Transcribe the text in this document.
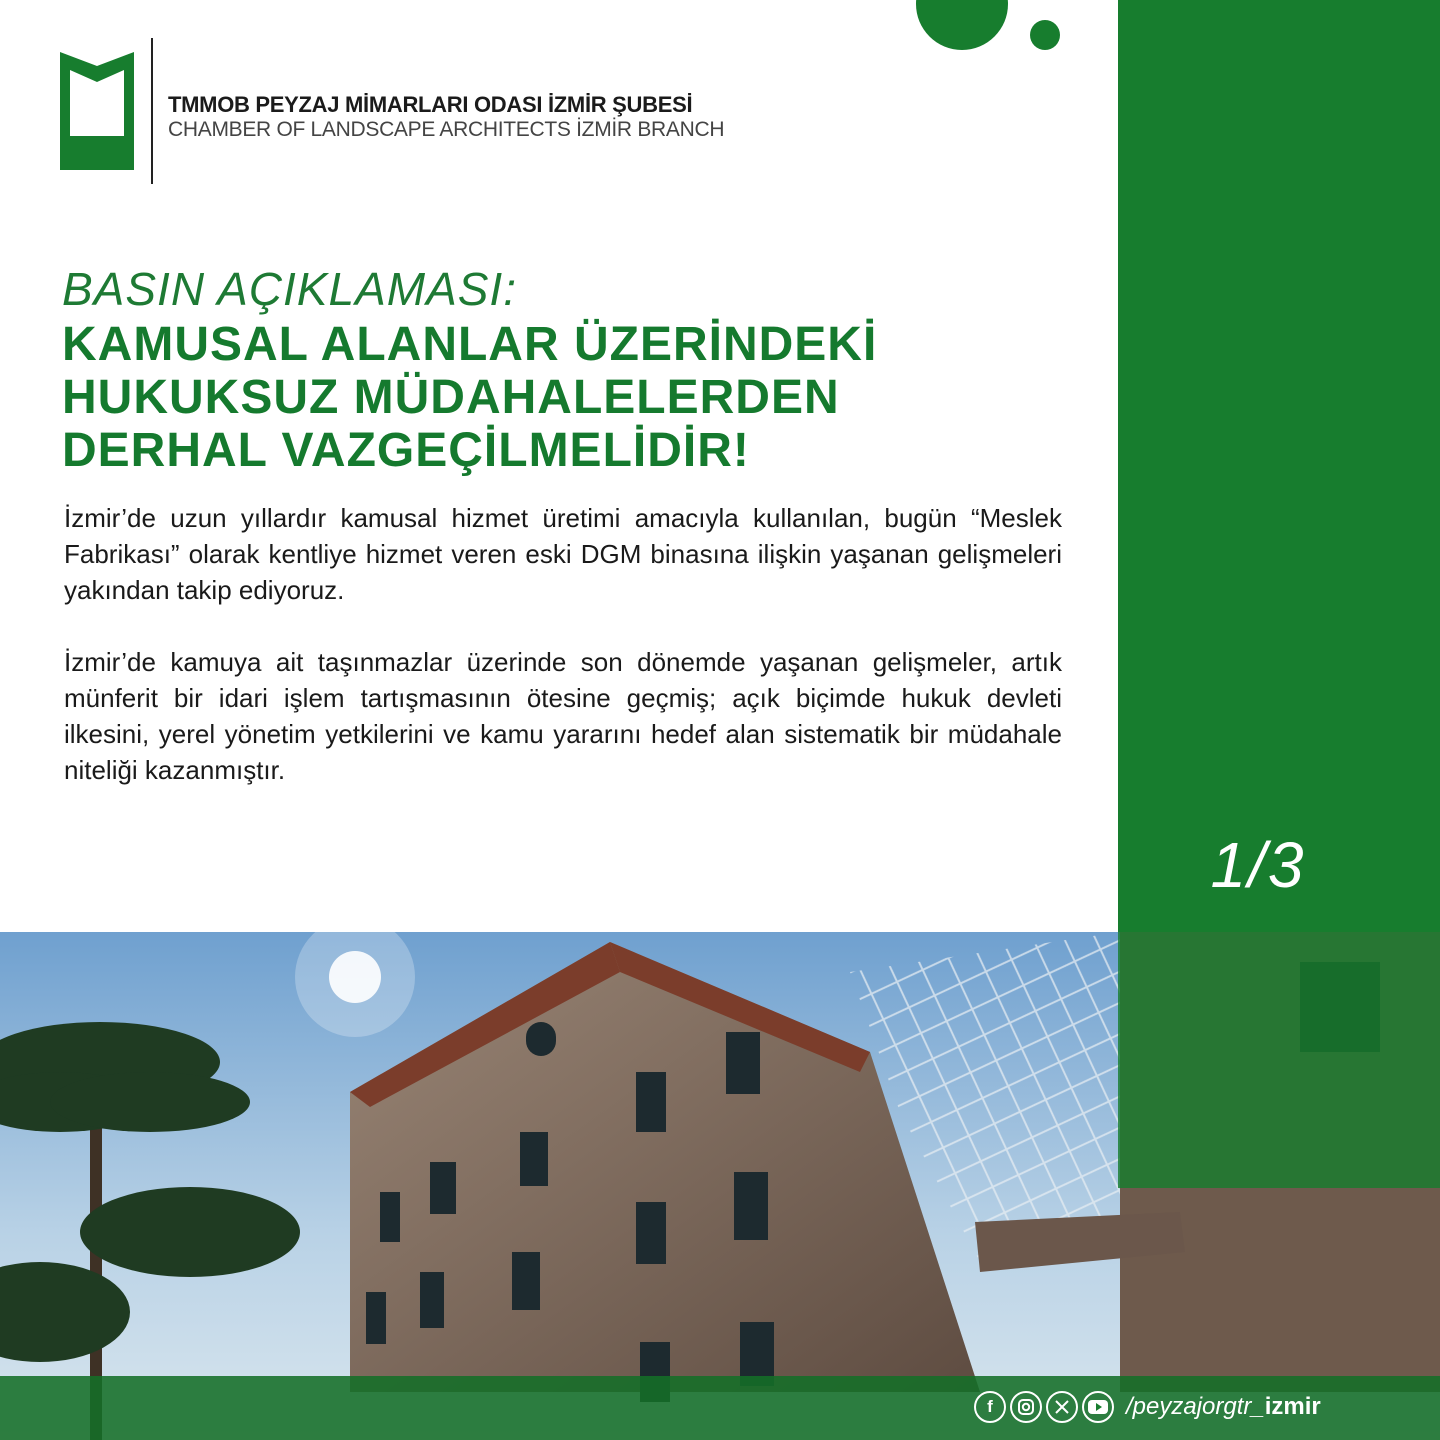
1/3
TMMOB PEYZAJ MİMARLARI ODASI İZMİR ŞUBESİ
CHAMBER OF LANDSCAPE ARCHITECTS İZMİR BRANCH
BASIN AÇIKLAMASI:
KAMUSAL ALANLAR ÜZERİNDEKİ
HUKUKSUZ MÜDAHALELERDEN
DERHAL VAZGEÇİLMELİDİR!

İzmir’de uzun yıllardır kamusal hizmet üretimi amacıyla kullanılan, bugün “Meslek Fabrikası” olarak kentliye hizmet veren eski DGM binasına ilişkin yaşanan gelişmeleri yakından takip ediyoruz.

İzmir’de kamuya ait taşınmazlar üzerinde son dönemde yaşanan gelişmeler, artık münferit bir idari işlem tartışmasının ötesine geçmiş; açık biçimde hukuk devleti ilkesini, yerel yönetim yetkilerini ve kamu yararını hedef alan sistematik bir müdahale niteliği kazanmıştır.

f	/peyzajorgtr_izmir
